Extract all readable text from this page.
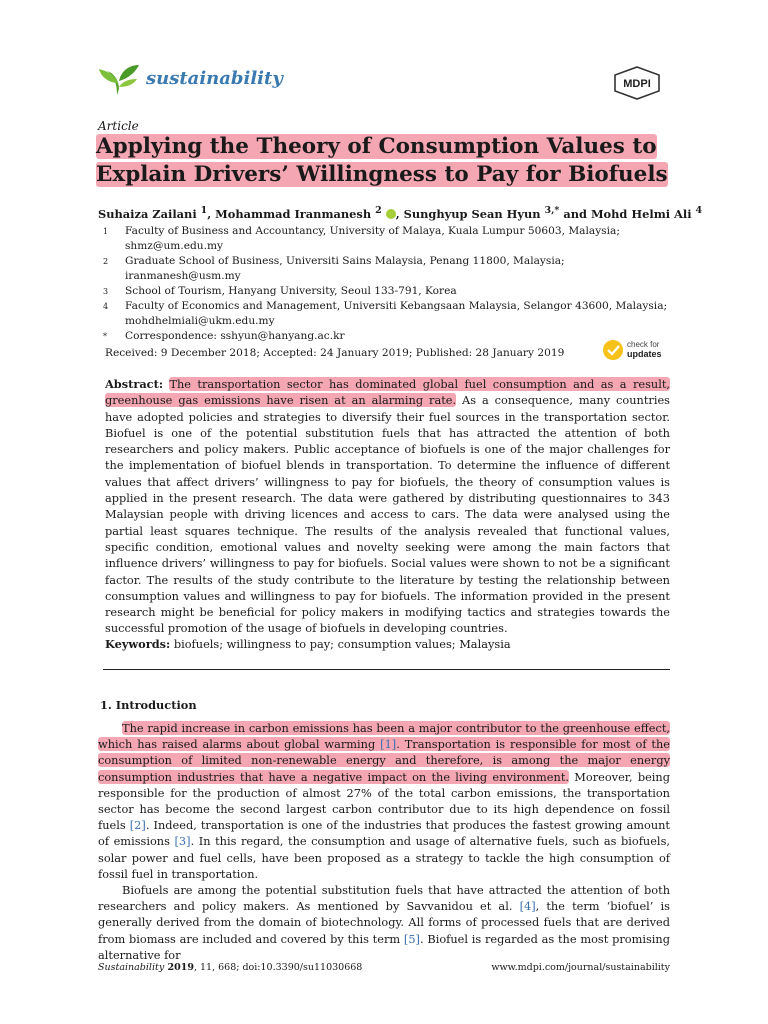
sustainability	MDPI
Article
Applying the Theory of Consumption Values to Explain Drivers’ Willingness to Pay for Biofuels
Suhaiza Zailani $^1$, Mohammad Iranmanesh $^2$ , Sunghyup Sean Hyun $^{3,*}$ and Mohd Helmi Ali $^4$
1	Faculty of Business and Accountancy, University of Malaya, Kuala Lumpur 50603, Malaysia; shmz@um.edu.my
2	Graduate School of Business, Universiti Sains Malaysia, Penang 11800, Malaysia; iranmanesh@usm.my
3	School of Tourism, Hanyang University, Seoul 133-791, Korea
4	Faculty of Economics and Management, Universiti Kebangsaan Malaysia, Selangor 43600, Malaysia; mohdhelmiali@ukm.edu.my
*	Correspondence: sshyun@hanyang.ac.kr
Received: 9 December 2018; Accepted: 24 January 2019; Published: 28 January 2019
check for
updates
Abstract: The transportation sector has dominated global fuel consumption and as a result, greenhouse gas emissions have risen at an alarming rate. As a consequence, many countries have adopted policies and strategies to diversify their fuel sources in the transportation sector. Biofuel is one of the potential substitution fuels that has attracted the attention of both researchers and policy makers. Public acceptance of biofuels is one of the major challenges for the implementation of biofuel blends in transportation. To determine the influence of different values that affect drivers’ willingness to pay for biofuels, the theory of consumption values is applied in the present research. The data were gathered by distributing questionnaires to 343 Malaysian people with driving licences and access to cars. The data were analysed using the partial least squares technique. The results of the analysis revealed that functional values, specific condition, emotional values and novelty seeking were among the main factors that influence drivers’ willingness to pay for biofuels. Social values were shown to not be a significant factor. The results of the study contribute to the literature by testing the relationship between consumption values and willingness to pay for biofuels. The information provided in the present research might be beneficial for policy makers in modifying tactics and strategies towards the successful promotion of the usage of biofuels in developing countries.
Keywords: biofuels; willingness to pay; consumption values; Malaysia
1. Introduction

The rapid increase in carbon emissions has been a major contributor to the greenhouse effect, which has raised alarms about global warming [1]. Transportation is responsible for most of the consumption of limited non-renewable energy and therefore, is among the major energy consumption industries that have a negative impact on the living environment. Moreover, being responsible for the production of almost 27% of the total carbon emissions, the transportation sector has become the second largest carbon contributor due to its high dependence on fossil fuels [2]. Indeed, transportation is one of the industries that produces the fastest growing amount of emissions [3]. In this regard, the consumption and usage of alternative fuels, such as biofuels, solar power and fuel cells, have been proposed as a strategy to tackle the high consumption of fossil fuel in transportation.

Biofuels are among the potential substitution fuels that have attracted the attention of both researchers and policy makers. As mentioned by Savvanidou et al. [4], the term ‘biofuel’ is generally derived from the domain of biotechnology. All forms of processed fuels that are derived from biomass are included and covered by this term [5]. Biofuel is regarded as the most promising alternative for

Sustainability 2019, 11, 668; doi:10.3390/su11030668	www.mdpi.com/journal/sustainability
